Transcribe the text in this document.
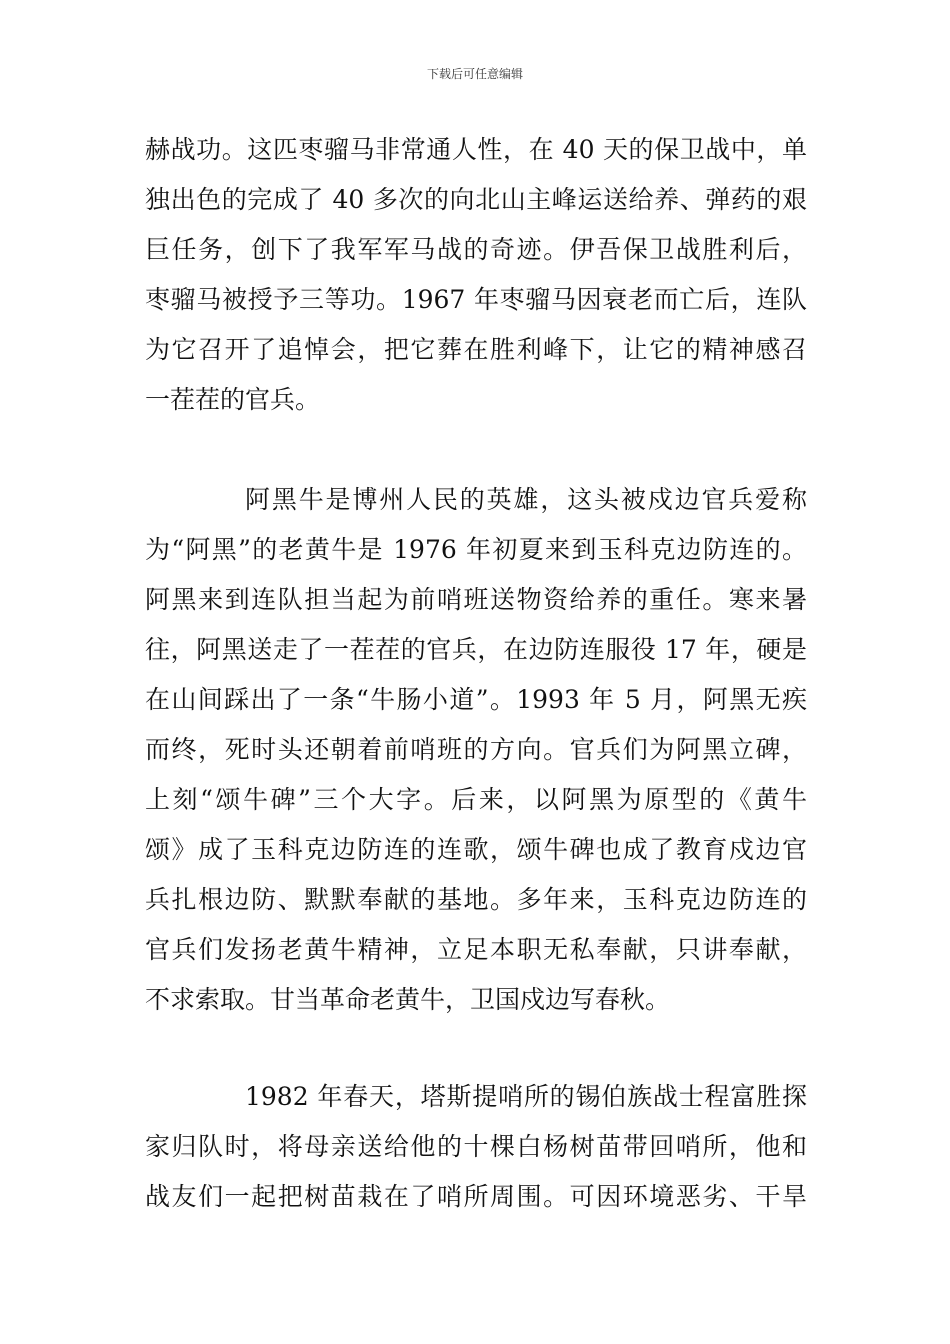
下载后可任意编辑
赫战功。这匹枣骝马非常通人性，在 40 天的保卫战中，单
独出色的完成了 40 多次的向北山主峰运送给养、弹药的艰
巨任务，创下了我军军马战的奇迹。伊吾保卫战胜利后，
枣骝马被授予三等功。1967 年枣骝马因衰老而亡后，连队
为它召开了追悼会，把它葬在胜利峰下，让它的精神感召
一茬茬的官兵。
阿黑牛是博州人民的英雄，这头被戍边官兵爱称
为“阿黑”的老黄牛是 1976 年初夏来到玉科克边防连的。
阿黑来到连队担当起为前哨班送物资给养的重任。寒来暑
往，阿黑送走了一茬茬的官兵，在边防连服役 17 年，硬是
在山间踩出了一条“牛肠小道”。1993 年 5 月，阿黑无疾
而终，死时头还朝着前哨班的方向。官兵们为阿黑立碑，
上刻“颂牛碑”三个大字。后来，以阿黑为原型的《黄牛
颂》成了玉科克边防连的连歌，颂牛碑也成了教育戍边官
兵扎根边防、默默奉献的基地。多年来，玉科克边防连的
官兵们发扬老黄牛精神，立足本职无私奉献，只讲奉献，
不求索取。甘当革命老黄牛，卫国戍边写春秋。
1982 年春天，塔斯提哨所的锡伯族战士程富胜探
家归队时，将母亲送给他的十棵白杨树苗带回哨所，他和
战友们一起把树苗栽在了哨所周围。可因环境恶劣、干旱
